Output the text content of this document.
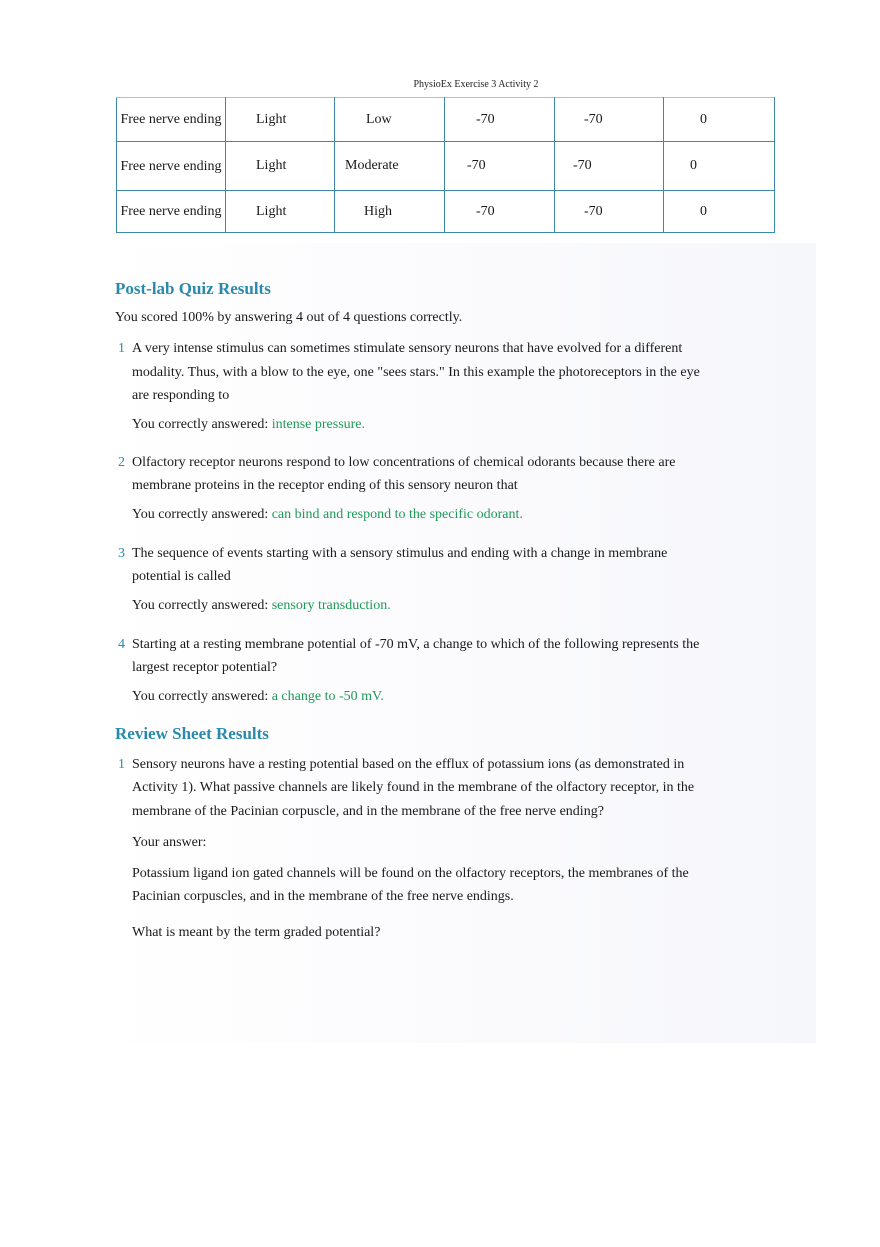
PhysioEx Exercise 3 Activity 2
Free nerve ending	Light	Low	-70	-70	0

Free nerve ending	Light	Moderate	-70	-70	0

Free nerve ending	Light	High	-70	-70	0
Post-lab Quiz Results
You scored 100% by answering 4 out of 4 questions correctly.
1 A very intense stimulus can sometimes stimulate sensory neurons that have evolved for a different modality. Thus, with a blow to the eye, one "sees stars." In this example the photoreceptors in the eye are responding to
You correctly answered: intense pressure.
2 Olfactory receptor neurons respond to low concentrations of chemical odorants because there are membrane proteins in the receptor ending of this sensory neuron that
You correctly answered: can bind and respond to the specific odorant.
3 The sequence of events starting with a sensory stimulus and ending with a change in membrane potential is called
You correctly answered: sensory transduction.
4 Starting at a resting membrane potential of -70 mV, a change to which of the following represents the largest receptor potential?
You correctly answered: a change to -50 mV.
Review Sheet Results
1 Sensory neurons have a resting potential based on the efflux of potassium ions (as demonstrated in Activity 1). What passive channels are likely found in the membrane of the olfactory receptor, in the membrane of the Pacinian corpuscle, and in the membrane of the free nerve ending?
Your answer:
Potassium ligand ion gated channels will be found on the olfactory receptors, the membranes of the Pacinian corpuscles, and in the membrane of the free nerve endings.
What is meant by the term graded potential?
